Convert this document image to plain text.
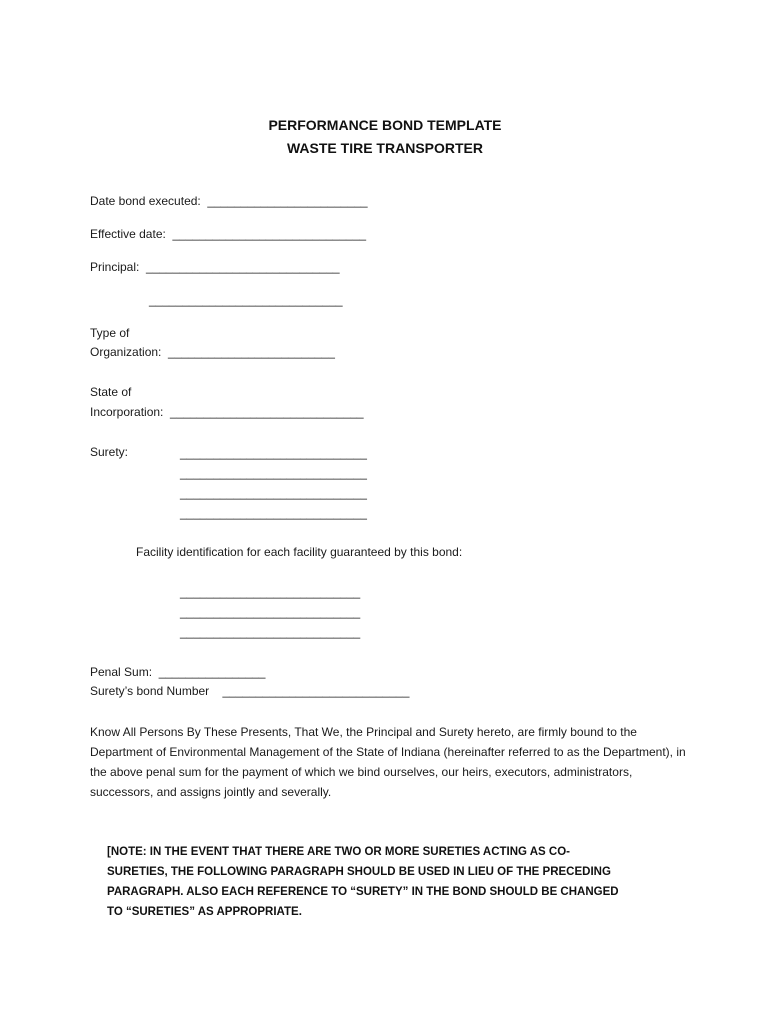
PERFORMANCE BOND TEMPLATE
WASTE TIRE TRANSPORTER
Date bond executed:  ________________________
Effective date:  _____________________________
Principal:  _____________________________
_____________________________
Type of
Organization:  _________________________
State of
Incorporation:  _____________________________
Surety:	____________________________
____________________________
____________________________
____________________________
Facility identification for each facility guaranteed by this bond:
___________________________
___________________________
___________________________
Penal Sum:  ________________
Surety’s bond Number    ____________________________
Know All Persons By These Presents, That We, the Principal and Surety hereto, are firmly bound to the Department of Environmental Management of the State of Indiana (hereinafter referred to as the Department), in the above penal sum for the payment of which we bind ourselves, our heirs, executors, administrators, successors, and assigns jointly and severally.
[NOTE: IN THE EVENT THAT THERE ARE TWO OR MORE SURETIES ACTING AS CO-SURETIES, THE FOLLOWING PARAGRAPH SHOULD BE USED IN LIEU OF THE PRECEDING PARAGRAPH. ALSO EACH REFERENCE TO “SURETY” IN THE BOND SHOULD BE CHANGED TO “SURETIES” AS APPROPRIATE.
